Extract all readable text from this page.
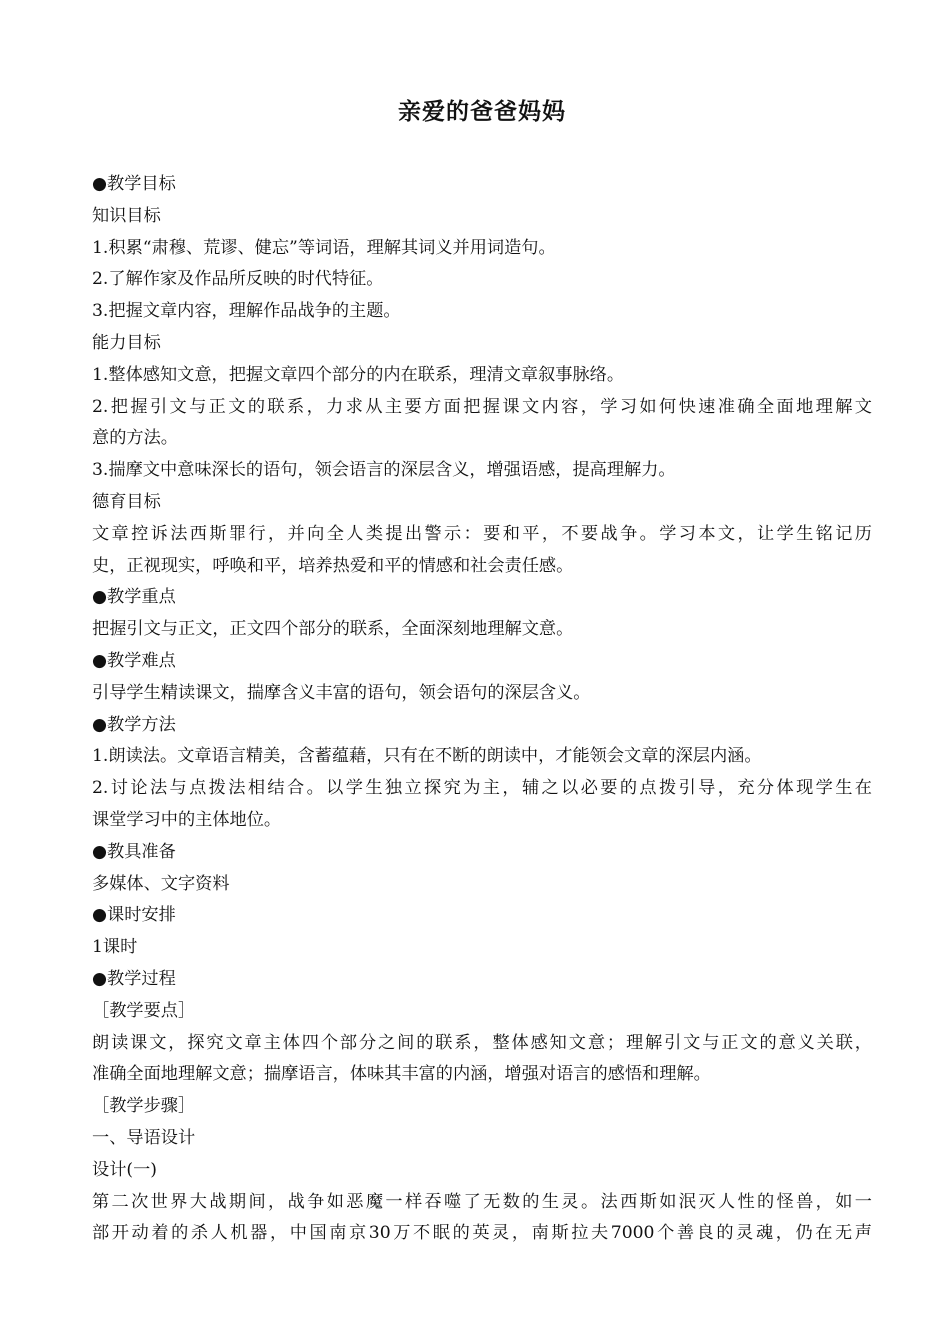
亲爱的爸爸妈妈
● 教学目标
知识目标
1.积累“肃穆、荒谬、健忘”等词语，理解其词义并用词造句。
2.了解作家及作品所反映的时代特征。
3.把握文章内容，理解作品战争的主题。
能力目标
1.整体感知文意，把握文章四个部分的内在联系，理清文章叙事脉络。
2.把握引文与正文的联系，力求从主要方面把握课文内容，学习如何快速准确全面地理解文
意的方法。
3.揣摩文中意味深长的语句，领会语言的深层含义，增强语感，提高理解力。
德育目标
文章控诉法西斯罪行，并向全人类提出警示：要和平，不要战争。学习本文，让学生铭记历
史，正视现实，呼唤和平，培养热爱和平的情感和社会责任感。
● 教学重点
把握引文与正文，正文四个部分的联系，全面深刻地理解文意。
● 教学难点
引导学生精读课文，揣摩含义丰富的语句，领会语句的深层含义。
● 教学方法
1.朗读法。文章语言精美，含蓄蕴藉，只有在不断的朗读中，才能领会文章的深层内涵。
2.讨论法与点拨法相结合。以学生独立探究为主，辅之以必要的点拨引导，充分体现学生在
课堂学习中的主体地位。
● 教具准备
多媒体、文字资料
● 课时安排
1课时
● 教学过程
［教学要点］
朗读课文，探究文章主体四个部分之间的联系，整体感知文意；理解引文与正文的意义关联，
准确全面地理解文意；揣摩语言，体味其丰富的内涵，增强对语言的感悟和理解。
［教学步骤］
一、导语设计
设计(一)
第二次世界大战期间，战争如恶魔一样吞噬了无数的生灵。法西斯如泯灭人性的怪兽，如一
部开动着的杀人机器，中国南京30万不眠的英灵，南斯拉夫7000个善良的灵魂，仍在无声
